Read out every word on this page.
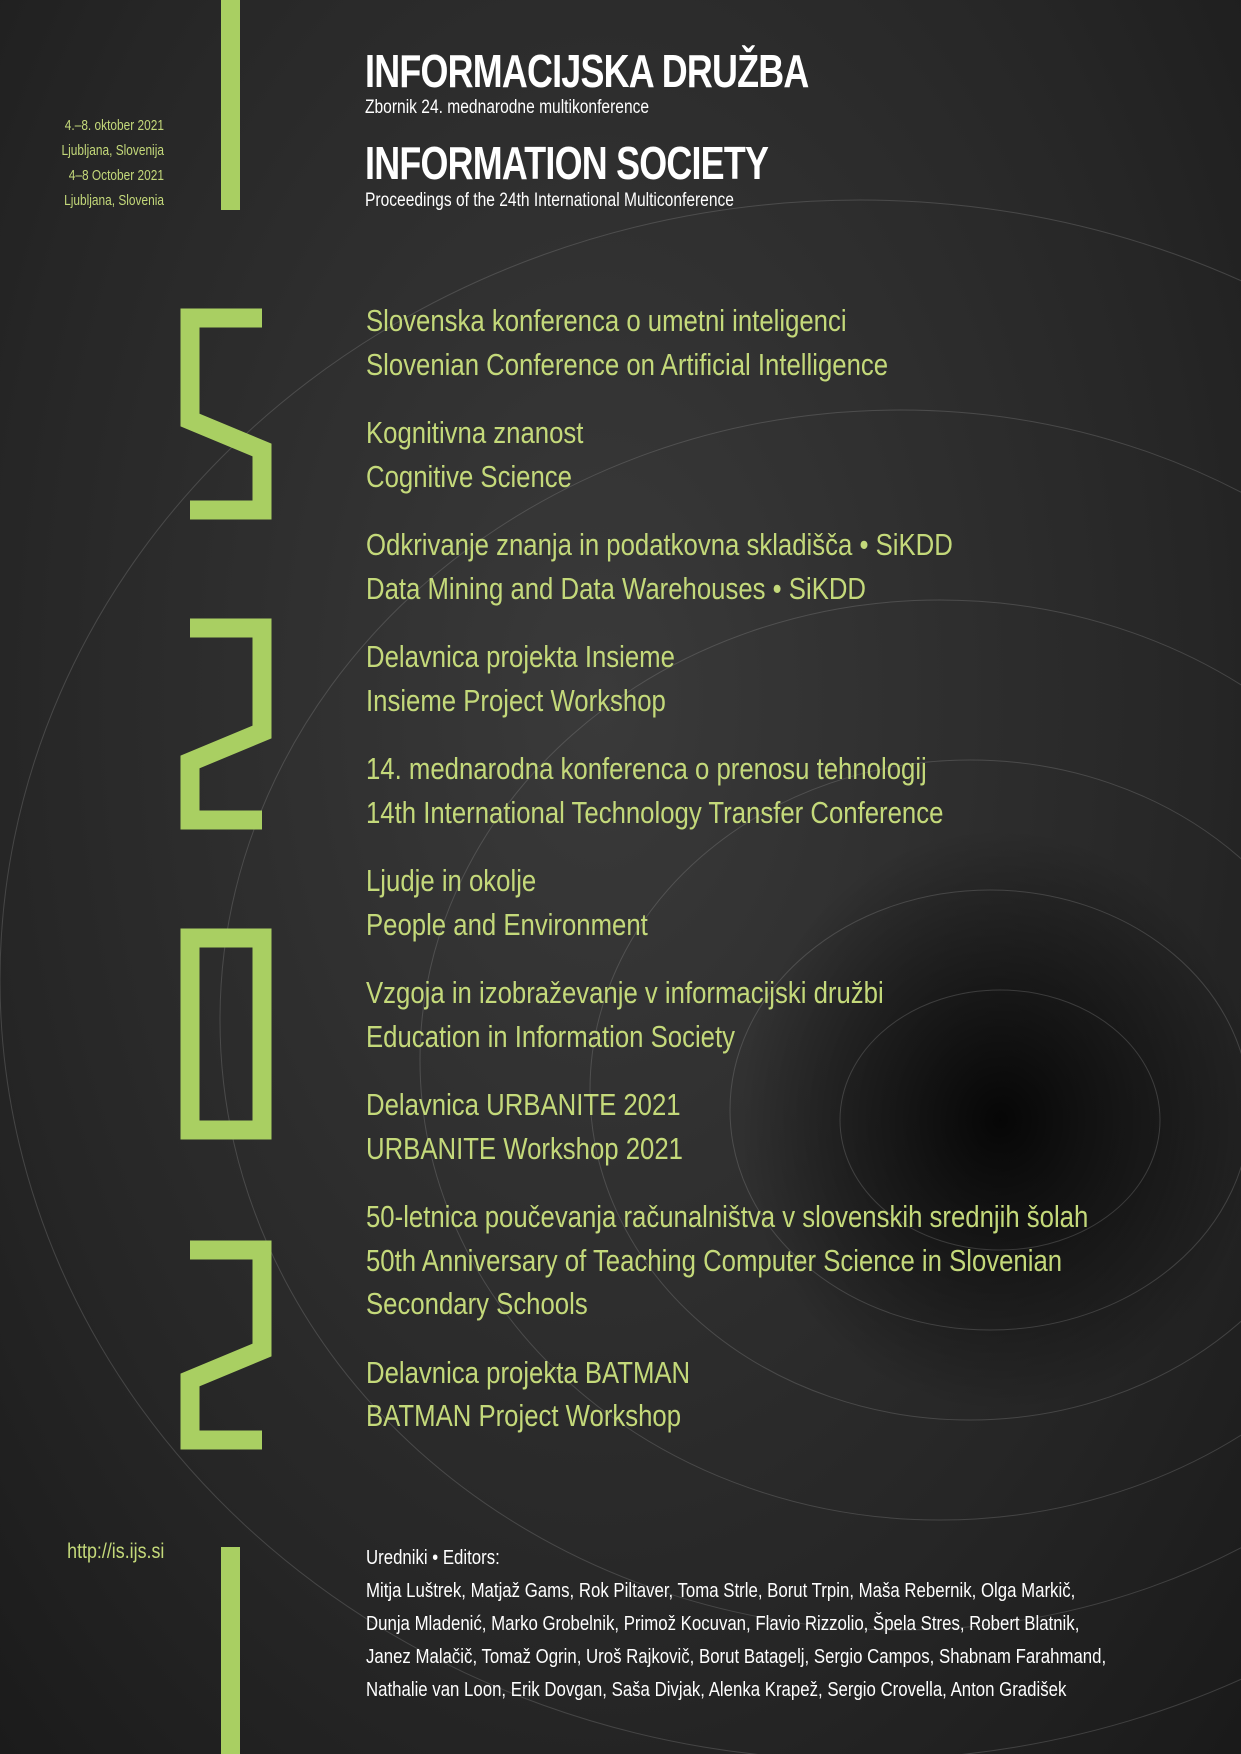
4.–8. oktober 2021
Ljubljana, Slovenija
4–8 October 2021
Ljubljana, Slovenia
http://is.ijs.si
INFORMACIJSKA DRUŽBA
Zbornik 24. mednarodne multikonference
INFORMATION SOCIETY
Proceedings of the 24th International Multiconference
Slovenska konferenca o umetni inteligenci
Slovenian Conference on Artificial Intelligence
Kognitivna znanost
Cognitive Science
Odkrivanje znanja in podatkovna skladišča • SiKDD
Data Mining and Data Warehouses • SiKDD
Delavnica projekta Insieme
Insieme Project Workshop
14. mednarodna konferenca o prenosu tehnologij
14th International Technology Transfer Conference
Ljudje in okolje
People and Environment
Vzgoja in izobraževanje v informacijski družbi
Education in Information Society
Delavnica URBANITE 2021
URBANITE Workshop 2021
50-letnica poučevanja računalništva v slovenskih srednjih šolah
50th Anniversary of Teaching Computer Science in Slovenian
Secondary Schools
Delavnica projekta BATMAN
BATMAN Project Workshop
Uredniki • Editors:
Mitja Luštrek, Matjaž Gams, Rok Piltaver, Toma Strle, Borut Trpin, Maša Rebernik, Olga Markič,
Dunja Mladenić, Marko Grobelnik, Primož Kocuvan, Flavio Rizzolio, Špela Stres, Robert Blatnik,
Janez Malačič, Tomaž Ogrin, Uroš Rajkovič, Borut Batagelj, Sergio Campos, Shabnam Farahmand,
Nathalie van Loon, Erik Dovgan, Saša Divjak, Alenka Krapež, Sergio Crovella, Anton Gradišek
